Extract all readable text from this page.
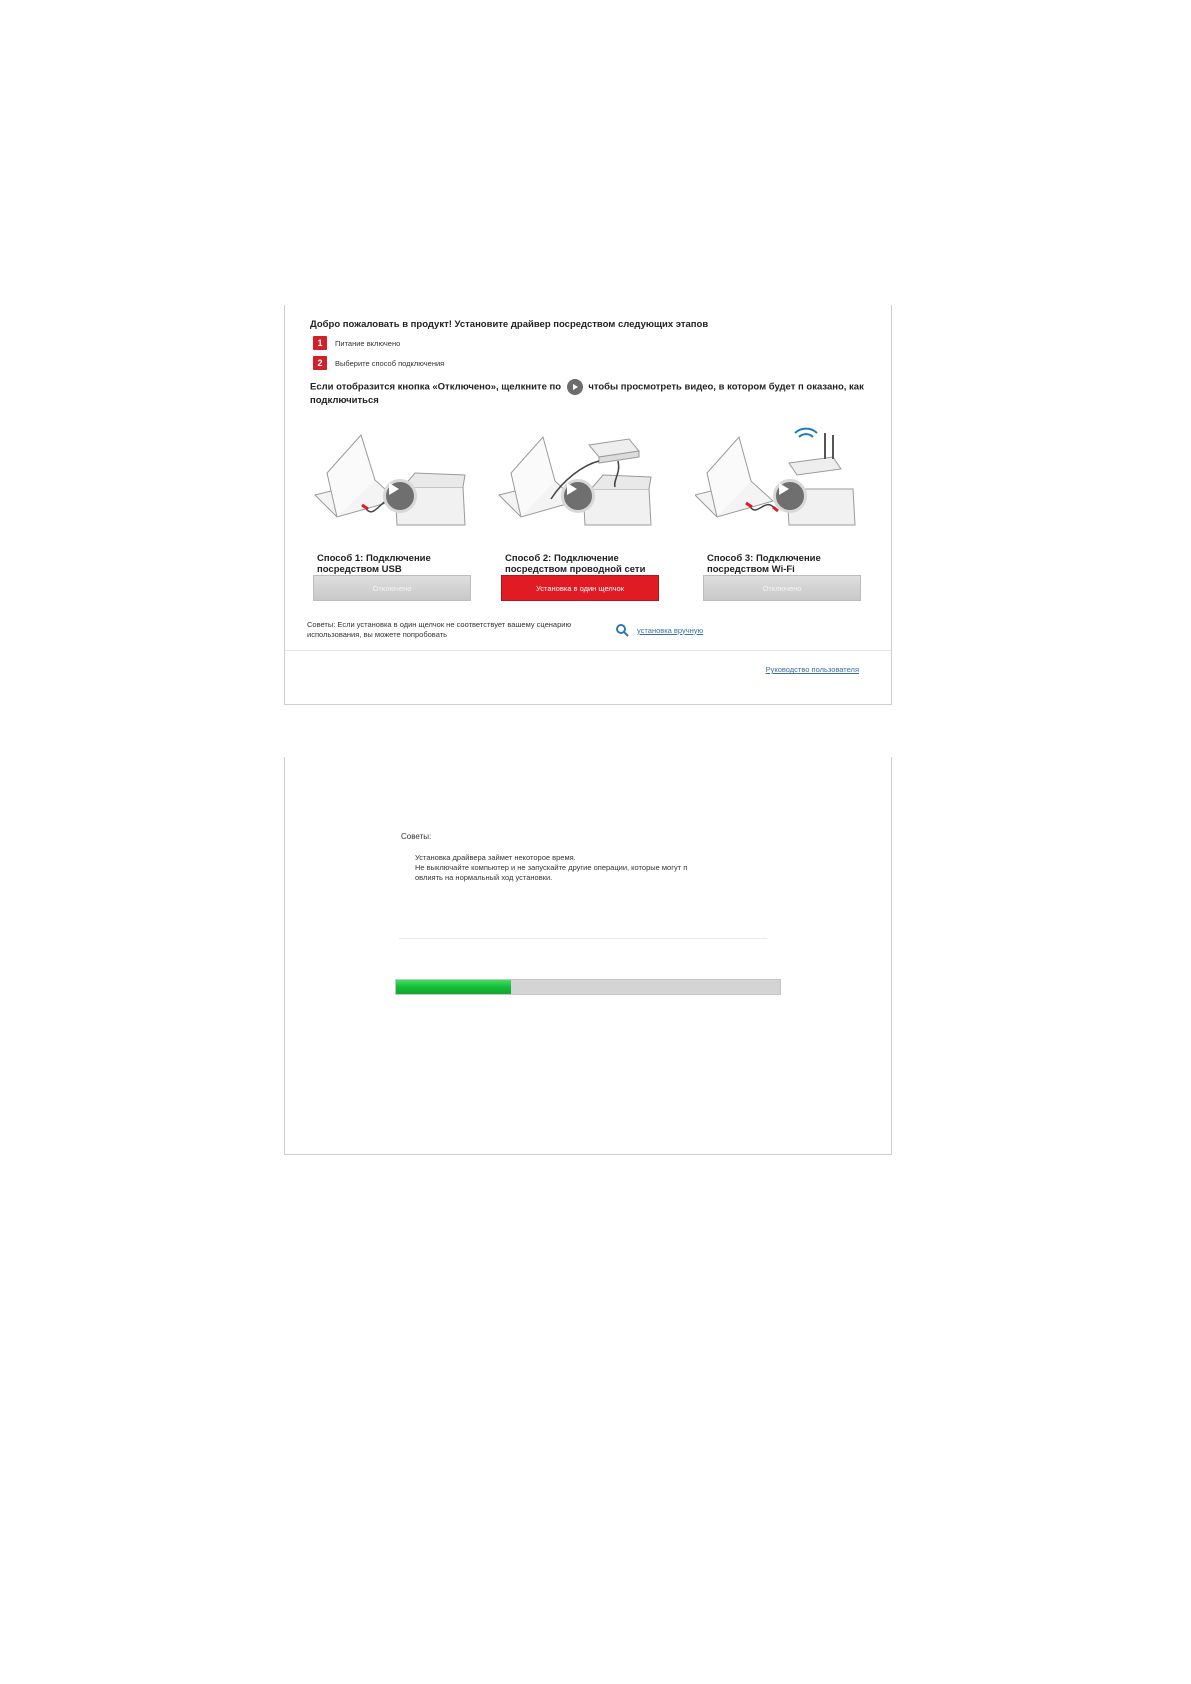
Добро пожаловать в продукт! Установите драйвер посредством следующих этапов
1	Питание включено
2	Выберите способ подключения
Если отобразится кнопка «Отключено», щелкните по	чтобы просмотреть видео, в котором будет п оказано, как подключиться
Способ 1: Подключение посредством USB
Отключено
Способ 2: Подключение посредством проводной сети
Установка в один щелчок
Способ 3: Подключение посредством Wi-Fi
Отключено
Советы: Если установка в один щелчок не соответствует вашему сценарию использования, вы можете попробовать	установка вручную
Руководство пользователя
Советы:
Установка драйвера займет некоторое время.
Не выключайте компьютер и не запускайте другие операции, которые могут п
овлиять на нормальный ход установки.
